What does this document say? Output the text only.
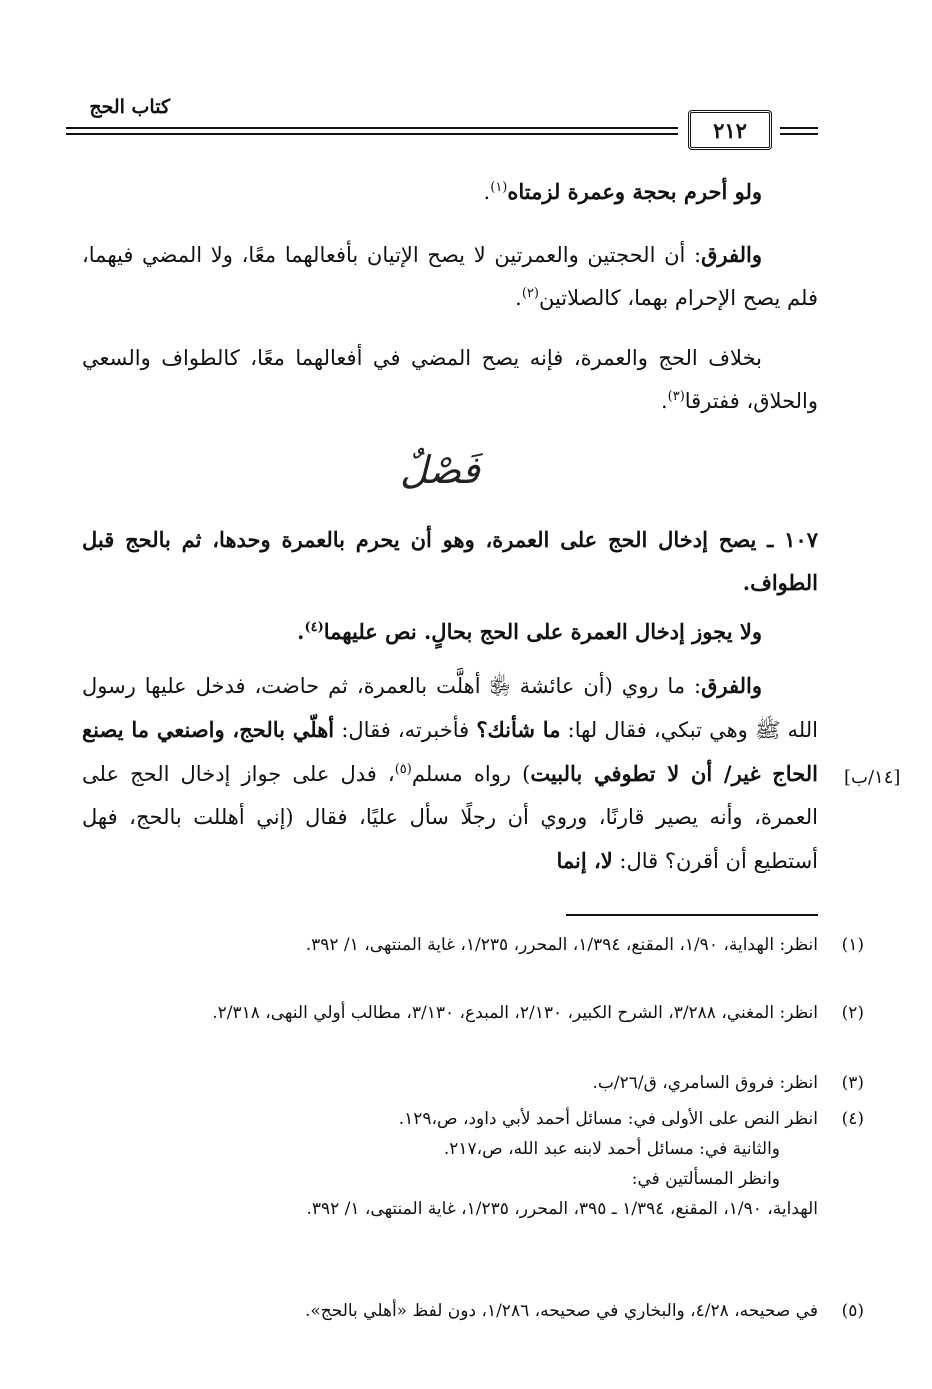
كتاب الحج
٢١٢
ولو أحرم بحجة وعمرة لزمتاه$^{(١)}$.
والفرق: أن الحجتين والعمرتين لا يصح الإتيان بأفعالهما معًا، ولا المضي فيهما، فلم يصح الإحرام بهما، كالصلاتين$^{(٢)}$.
بخلاف الحج والعمرة، فإنه يصح المضي في أفعالهما معًا، كالطواف والسعي والحلاق، ففترقا$^{(٣)}$.
فَصْلٌ
١٠٧ ـ يصح إدخال الحج على العمرة، وهو أن يحرم بالعمرة وحدها، ثم بالحج قبل الطواف.
ولا يجوز إدخال العمرة على الحج بحالٍ. نص عليهما$^{(٤)}$.
والفرق: ما روي (أن عائشة ﵂ أهلَّت بالعمرة، ثم حاضت، فدخل عليها رسول الله ﷺ وهي تبكي، فقال لها: ما شأنك؟ فأخبرته، فقال: أهلّي بالحج، واصنعي ما يصنع الحاج غير/ أن لا تطوفي بالبيت) رواه مسلم$^{(٥)}$، فدل على جواز إدخال الحج على العمرة، وأنه يصير قارنًا، وروي أن رجلًا سأل عليًا، فقال (إني أهللت بالحج، فهل أستطيع أن أقرن؟ قال: لا، إنما
[١٤/ب]
(١)
انظر: الهداية، ١/٩٠، المقنع، ١/٣٩٤، المحرر، ١/٢٣٥، غاية المنتهى، ١/ ٣٩٢.
(٢)
انظر: المغني، ٣/٢٨٨، الشرح الكبير، ٢/١٣٠، المبدع، ٣/١٣٠، مطالب أولي النهى، ٢/٣١٨.
(٣)
انظر: فروق السامري، ق/٢٦/ب.
(٤)
انظر النص على الأولى في: مسائل أحمد لأبي داود، ص،١٢٩.
والثانية في: مسائل أحمد لابنه عبد الله، ص،٢١٧.
وانظر المسألتين في:
الهداية، ١/٩٠، المقنع، ١/٣٩٤ ـ ٣٩٥، المحرر، ١/٢٣٥، غاية المنتهى، ١/ ٣٩٢.
(٥)
في صحيحه، ٤/٢٨، والبخاري في صحيحه، ١/٢٨٦، دون لفظ «أهلي بالحج».
